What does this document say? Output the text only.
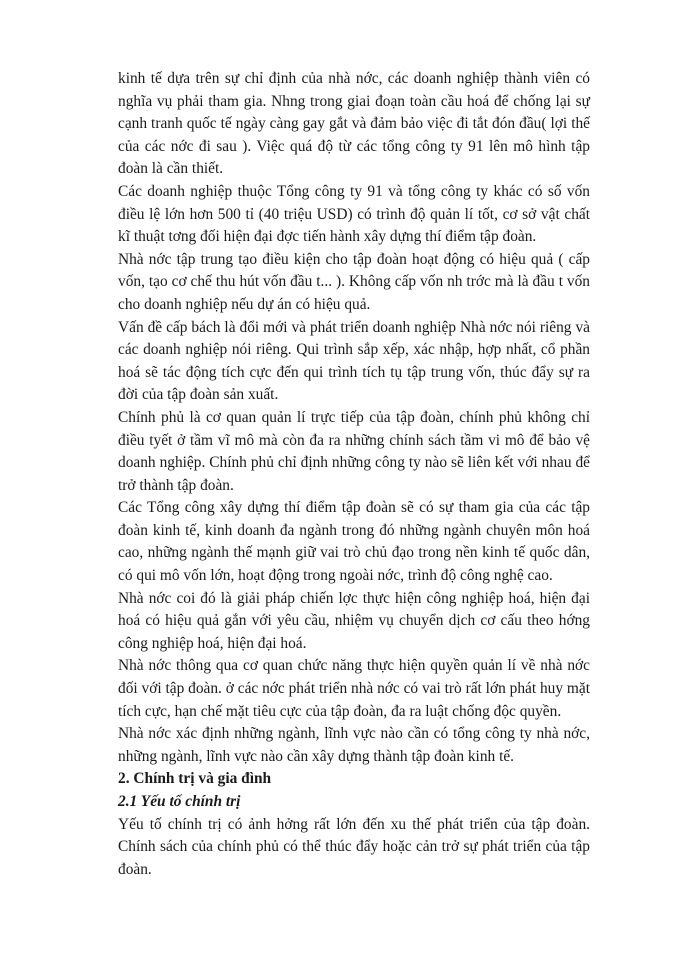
kinh tế dựa trên sự chỉ định của nhà nớc, các doanh nghiệp thành viên có nghĩa vụ phải tham gia. Nhng trong giai đoạn toàn cầu hoá để chống lại sự cạnh tranh quốc tế ngày càng gay gắt và đảm bảo việc đi tắt đón đầu( lợi thế của các nớc đi sau ). Việc quá độ từ các tổng công ty 91 lên mô hình tập đoàn là cần thiết.

Các doanh nghiệp thuộc Tổng công ty 91 và tổng công ty khác có số vốn điều lệ lớn hơn 500 tỉ (40 triệu USD) có trình độ quản lí tốt, cơ sở vật chất kĩ thuật tơng đối hiện đại đợc tiến hành xây dựng thí điểm tập đoàn.

Nhà nớc tập trung tạo điều kiện cho tập đoàn hoạt động có hiệu quả ( cấp vốn, tạo cơ chế thu hút vốn đầu t... ). Không cấp vốn nh trớc mà là đầu t vốn cho doanh nghiệp nếu dự án có hiệu quả.

Vấn đề cấp bách là đổi mới và phát triển doanh nghiệp Nhà nớc nói riêng và các doanh nghiệp nói riêng. Qui trình sắp xếp, xác nhập, hợp nhất, cổ phần hoá sẽ tác động tích cực đến qui trình tích tụ tập trung vốn, thúc đẩy sự ra đời của tập đoàn sản xuất.

Chính phủ là cơ quan quản lí trực tiếp của tập đoàn, chính phủ không chỉ điều tyết ở tầm vĩ mô mà còn đa ra những chính sách tầm vi mô để bảo vệ doanh nghiệp. Chính phủ chỉ định những công ty nào sẽ liên kết với nhau để trở thành tập đoàn.

Các Tổng công xây dựng thí điểm tập đoàn sẽ có sự tham gia của các tập đoàn kinh tế, kinh doanh đa ngành trong đó những ngành chuyên môn hoá cao, những ngành thế mạnh giữ vai trò chủ đạo trong nền kinh tế quốc dân, có qui mô vốn lớn, hoạt động trong ngoài nớc, trình độ công nghệ cao.

Nhà nớc coi đó là giải pháp chiến lợc thực hiện công nghiệp hoá, hiện đại hoá có hiệu quả gắn với yêu cầu, nhiệm vụ chuyển dịch cơ cấu theo hớng công nghiệp hoá, hiện đại hoá.

Nhà nớc thông qua cơ quan chức năng thực hiện quyền quản lí về nhà nớc đối với tập đoàn. ở các nớc phát triển nhà nớc có vai trò rất lớn phát huy mặt tích cực, hạn chế mặt tiêu cực của tập đoàn, đa ra luật chống độc quyền.

Nhà nớc xác định những ngành, lĩnh vực nào cần có tổng công ty nhà nớc, những ngành, lĩnh vực nào cần xây dựng thành tập đoàn kinh tế.

2. Chính trị và gia đình

2.1 Yếu tố chính trị

Yếu tố chính trị có ảnh hởng rất lớn đến xu thế phát triển của tập đoàn. Chính sách của chính phủ có thể thúc đẩy hoặc cản trở sự phát triển của tập đoàn.
